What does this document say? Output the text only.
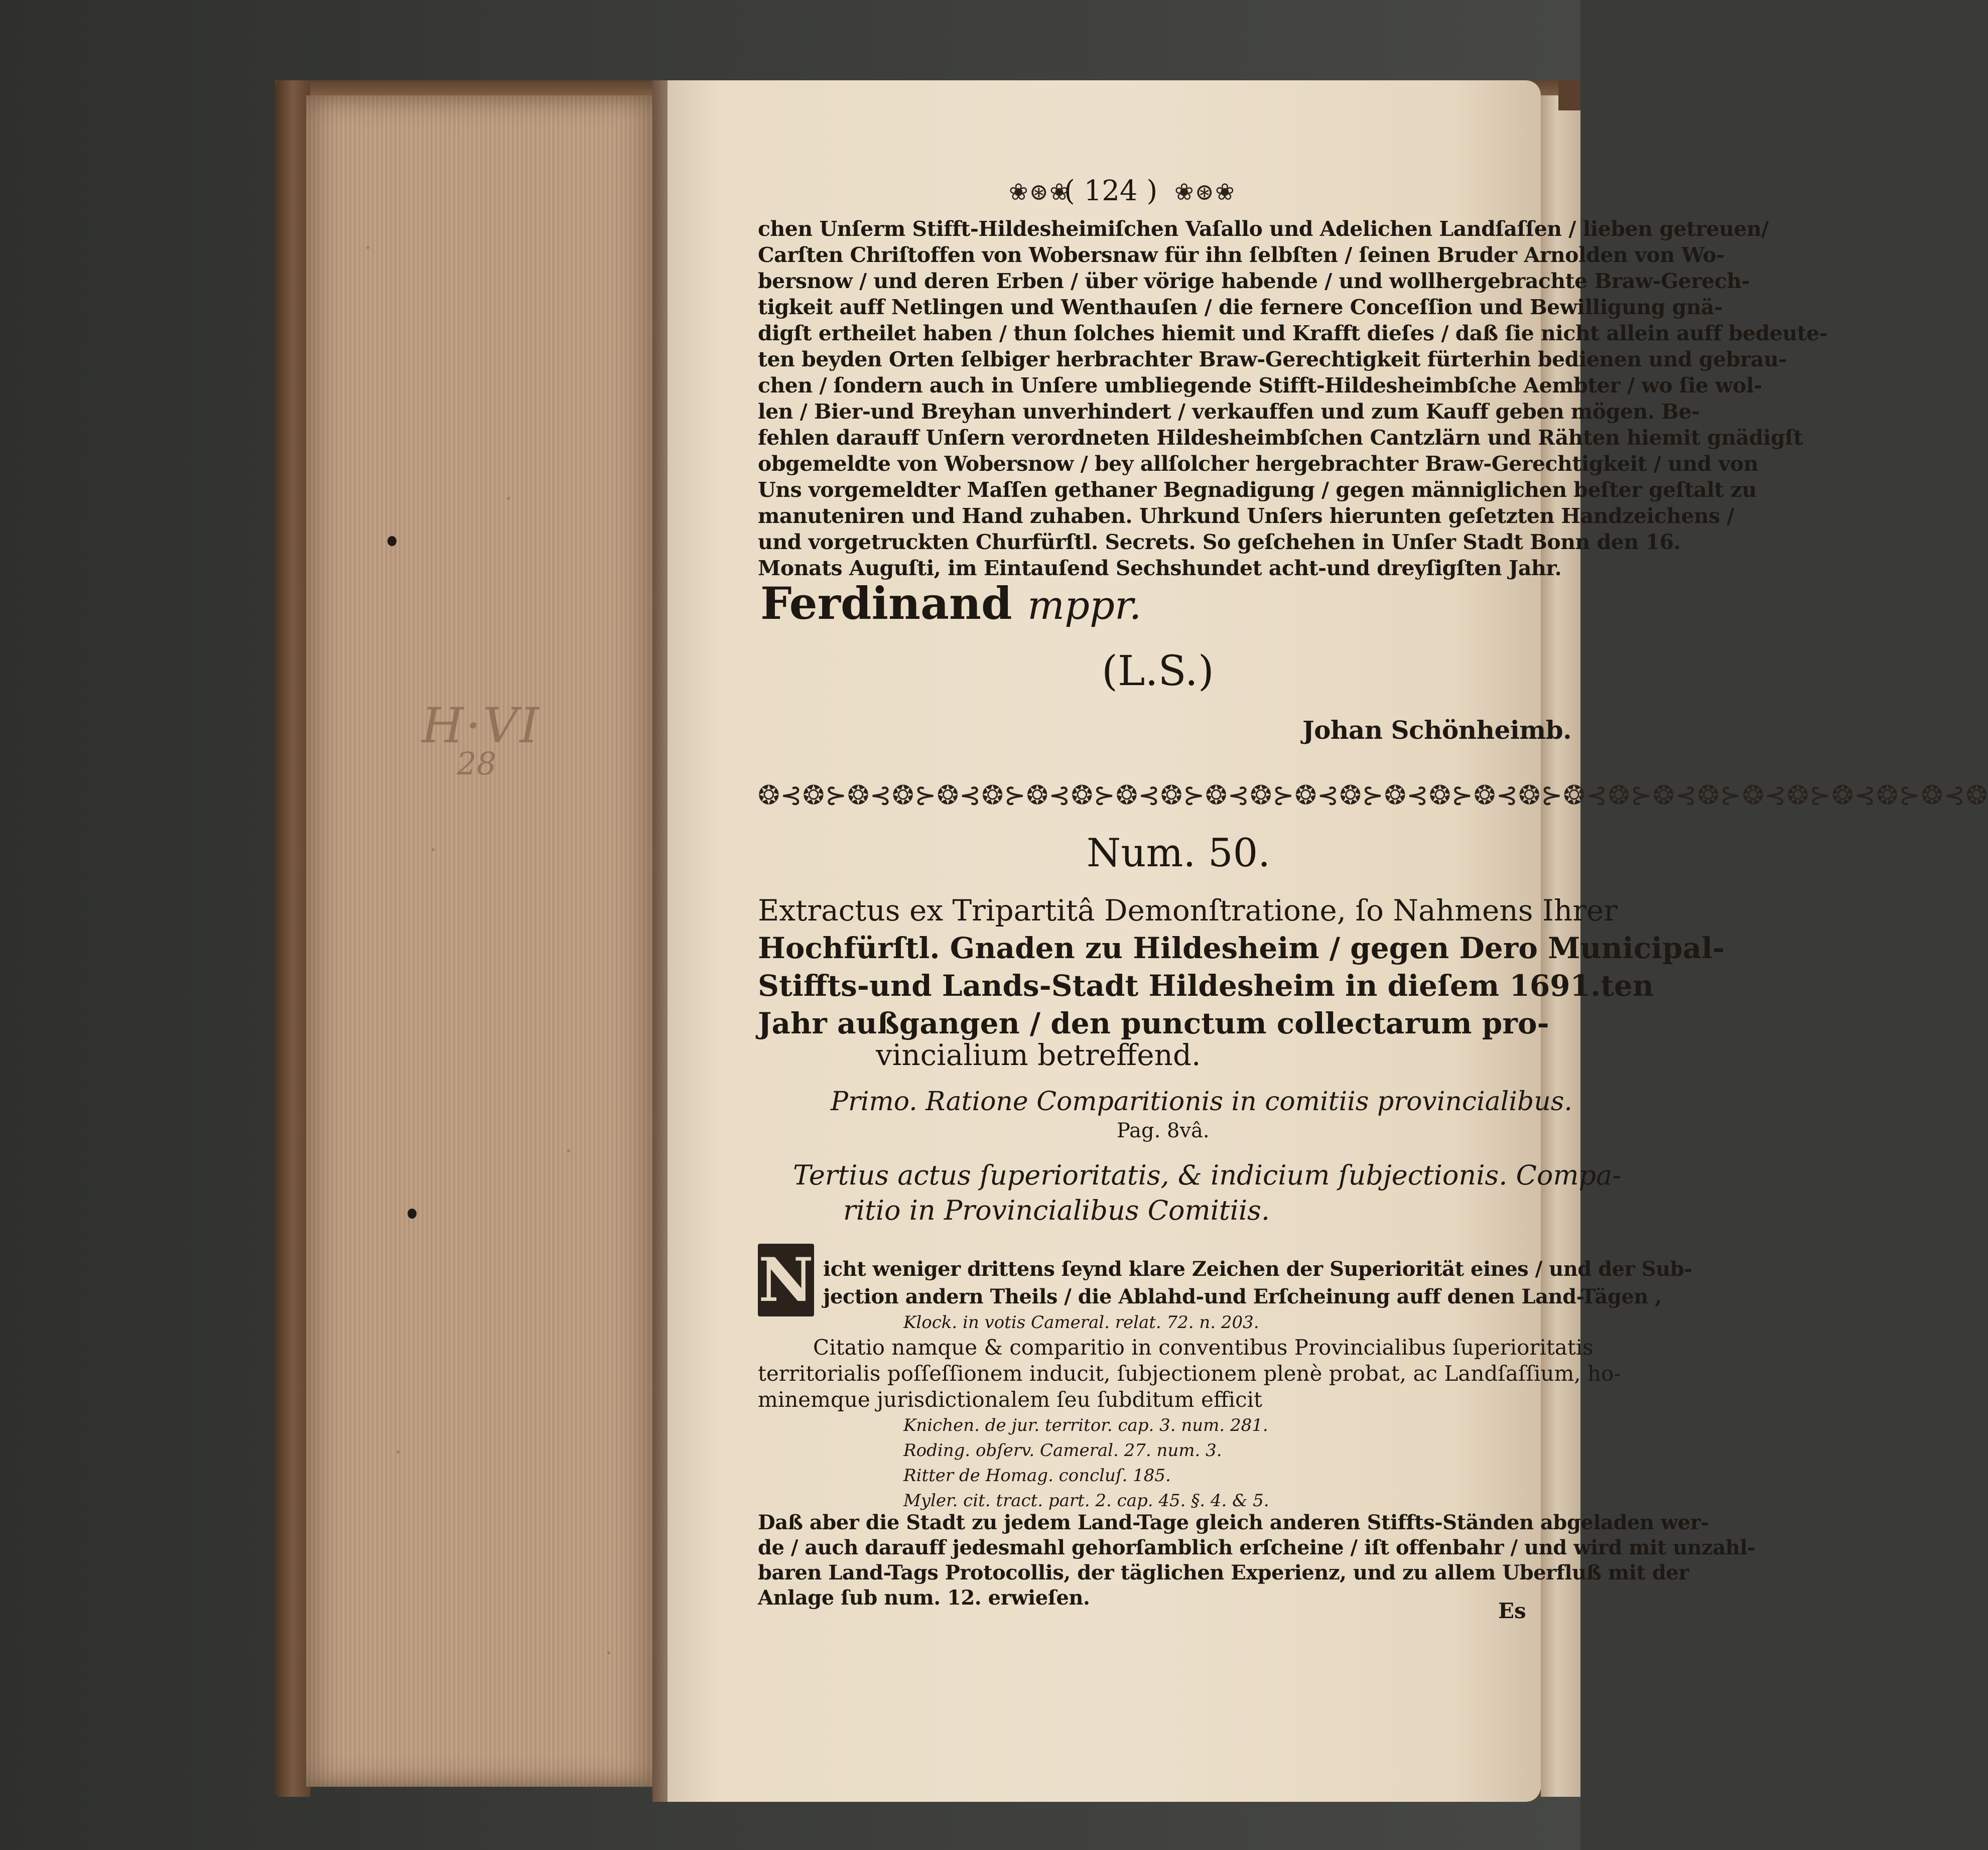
H·VI
28
❀⊛❀
( 124 ) ❀⊛❀
chen Unſerm Stifft-Hildesheimiſchen Vaſallo und Adelichen Landſaſſen / lieben getreuen/
Carſten Chriſtoffen von Wobersnaw für ihn ſelbſten / ſeinen Bruder Arnolden von Wo-
bersnow / und deren Erben / über vörige habende / und wollhergebrachte Braw-Gerech-
tigkeit auff Netlingen und Wenthauſen / die fernere Conceſſion und Bewilligung gnä-
digſt ertheilet haben / thun ſolches hiemit und Krafft dieſes / daß ſie nicht allein auff bedeute-
ten beyden Orten ſelbiger herbrachter Braw-Gerechtigkeit fürterhin bedienen und gebrau-
chen / ſondern auch in Unſere umbliegende Stifft-Hildesheimbſche Aembter / wo ſie wol-
len / Bier-und Breyhan unverhindert / verkauffen und zum Kauff geben mögen. Be-
fehlen darauff Unſern verordneten Hildesheimbſchen Cantzlärn und Rähten hiemit gnädigſt
obgemeldte von Wobersnow / bey allſolcher hergebrachter Braw-Gerechtigkeit / und von
Uns vorgemeldter Maſſen gethaner Begnadigung / gegen männiglichen beſter geſtalt zu
manuteniren und Hand zuhaben. Uhrkund Unſers hierunten geſetzten Handzeichens /
und vorgetruckten Churfürſtl. Secrets. So geſchehen in Unſer Stadt Bonn den 16.
Monats Auguſti, im Eintauſend Sechshundet acht-und dreyſigſten Jahr.
Ferdinand mppr.
(L.S.)
Johan Schönheimb.
❂⊰❂⊱❂⊰❂⊱❂⊰❂⊱❂⊰❂⊱❂⊰❂⊱❂⊰❂⊱❂⊰❂⊱❂⊰❂⊱❂⊰❂⊱❂⊰❂⊱❂⊰❂⊱❂⊰❂⊱❂⊰❂⊱❂⊰❂
Num. 50.
Extractus ex Tripartitâ Demonſtratione, ſo Nahmens Ihrer
Hochfürſtl. Gnaden zu Hildesheim / gegen Dero Municipal-
Stiffts-und Lands-Stadt Hildesheim in dieſem 1691.ten
Jahr außgangen / den punctum collectarum pro-
vincialium betreffend.
Primo. Ratione Comparitionis in comitiis provincialibus.
Pag. 8vâ.
Tertius actus ſuperioritatis, & indicium ſubjectionis. Compa-
ritio in Provincialibus Comitiis.
N icht weniger drittens ſeynd klare Zeichen der Superiorität eines / und der Sub-
jection andern Theils / die Ablahd-und Erſcheinung auff denen Land-Tägen ,
Klock. in votis Cameral. relat. 72. n. 203.
Citatio namque & comparitio in conventibus Provincialibus ſuperioritatis
territorialis poſſeſſionem inducit, ſubjectionem plenè probat, ac Landſaſſium, ho-
minemque jurisdictionalem ſeu ſubditum efficit
Knichen. de jur. territor. cap. 3. num. 281.
Roding. obſerv. Cameral. 27. num. 3.
Ritter de Homag. concluſ. 185.
Myler. cit. tract. part. 2. cap. 45. §. 4. & 5.
Daß aber die Stadt zu jedem Land-Tage gleich anderen Stiffts-Ständen abgeladen wer-
de / auch darauff jedesmahl gehorſamblich erſcheine / iſt offenbahr / und wird mit unzahl-
baren Land-Tags Protocollis, der täglichen Experienz, und zu allem Uberfluß mit der
Anlage ſub num. 12. erwieſen.
Es
